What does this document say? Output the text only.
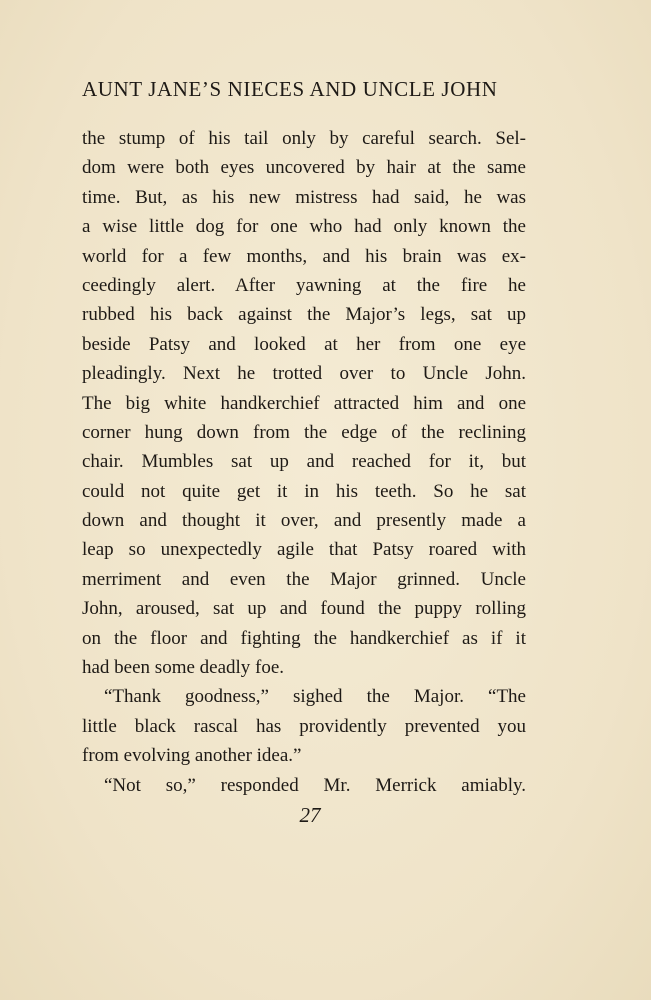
AUNT JANE’S NIECES AND UNCLE JOHN
the stump of his tail only by careful search. Sel-
dom were both eyes uncovered by hair at the same
time. But, as his new mistress had said, he was
a wise little dog for one who had only known the
world for a few months, and his brain was ex-
ceedingly alert. After yawning at the fire he
rubbed his back against the Major’s legs, sat up
beside Patsy and looked at her from one eye
pleadingly. Next he trotted over to Uncle John.
The big white handkerchief attracted him and one
corner hung down from the edge of the reclining
chair. Mumbles sat up and reached for it, but
could not quite get it in his teeth. So he sat
down and thought it over, and presently made a
leap so unexpectedly agile that Patsy roared with
merriment and even the Major grinned. Uncle
John, aroused, sat up and found the puppy rolling
on the floor and fighting the handkerchief as if it
had been some deadly foe.
“Thank goodness,” sighed the Major. “The
little black rascal has providently prevented you
from evolving another idea.”
“Not so,” responded Mr. Merrick amiably.
27
